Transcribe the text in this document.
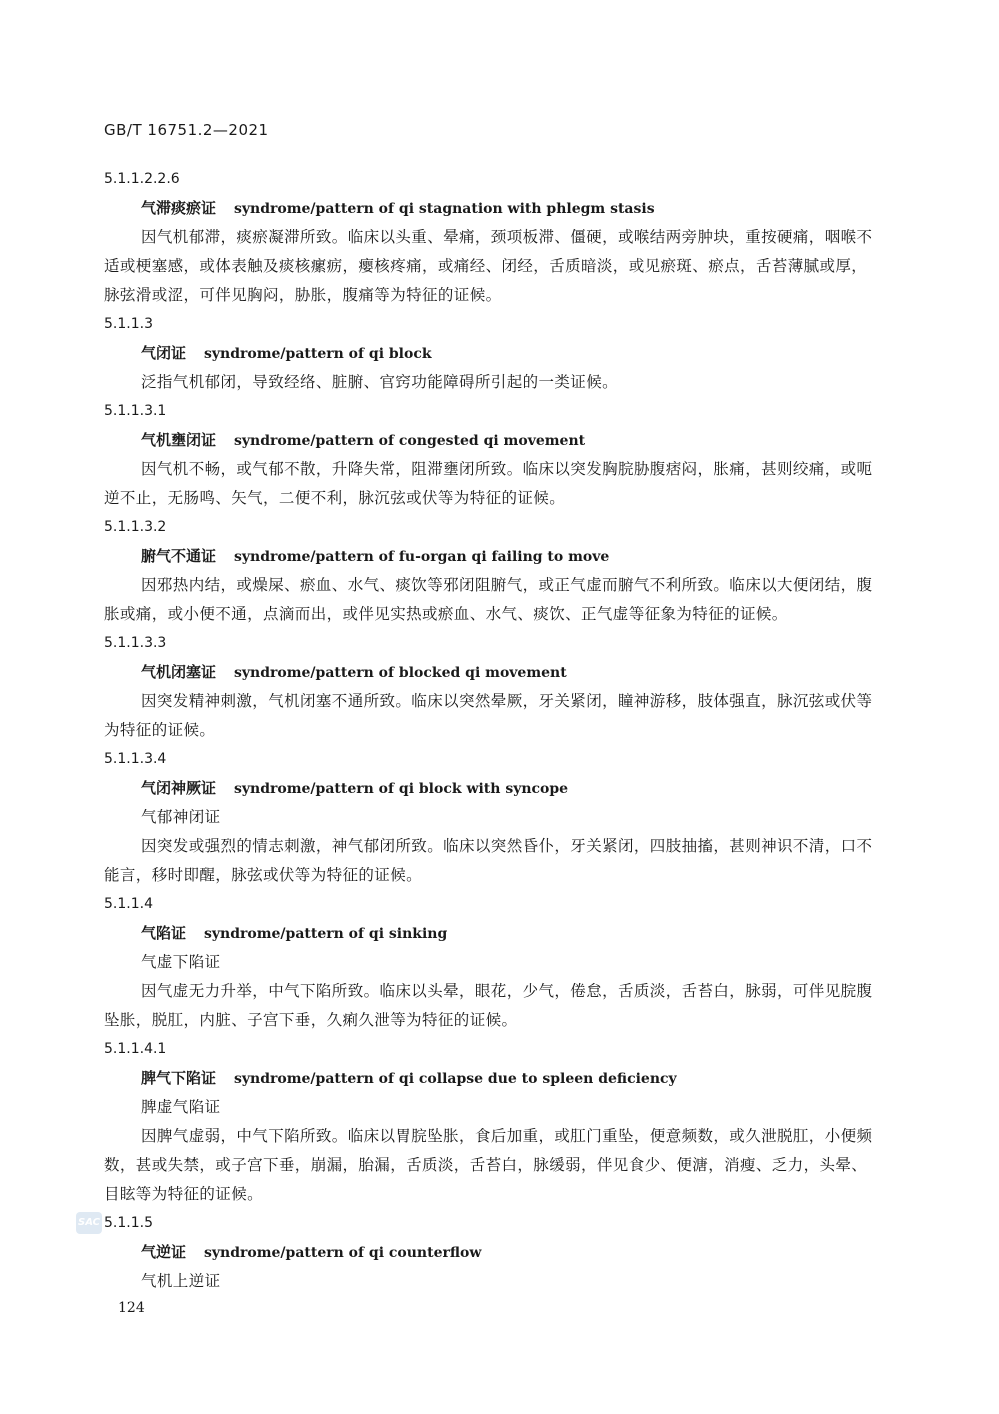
GB/T 16751.2—2021

5.1.1.2.2.6

气滞痰瘀证 syndrome/pattern of qi stagnation with phlegm stasis

因气机郁滞，痰瘀凝滞所致。临床以头重、晕痛，颈项板滞、僵硬，或喉结两旁肿块，重按硬痛，咽喉不适或梗塞感，或体表触及痰核瘰疬，瘿核疼痛，或痛经、闭经，舌质暗淡，或见瘀斑、瘀点，舌苔薄腻或厚，脉弦滑或涩，可伴见胸闷，胁胀，腹痛等为特征的证候。

5.1.1.3

气闭证 syndrome/pattern of qi block

泛指气机郁闭，导致经络、脏腑、官窍功能障碍所引起的一类证候。

5.1.1.3.1

气机壅闭证 syndrome/pattern of congested qi movement

因气机不畅，或气郁不散，升降失常，阻滞壅闭所致。临床以突发胸脘胁腹痞闷，胀痛，甚则绞痛，或呃逆不止，无肠鸣、矢气，二便不利，脉沉弦或伏等为特征的证候。

5.1.1.3.2

腑气不通证 syndrome/pattern of fu-organ qi failing to move

因邪热内结，或燥屎、瘀血、水气、痰饮等邪闭阻腑气，或正气虚而腑气不利所致。临床以大便闭结，腹胀或痛，或小便不通，点滴而出，或伴见实热或瘀血、水气、痰饮、正气虚等征象为特征的证候。

5.1.1.3.3

气机闭塞证 syndrome/pattern of blocked qi movement

因突发精神刺激，气机闭塞不通所致。临床以突然晕厥，牙关紧闭，瞳神游移，肢体强直，脉沉弦或伏等为特征的证候。

5.1.1.3.4

气闭神厥证 syndrome/pattern of qi block with syncope

气郁神闭证

因突发或强烈的情志刺激，神气郁闭所致。临床以突然昏仆，牙关紧闭，四肢抽搐，甚则神识不清，口不能言，移时即醒，脉弦或伏等为特征的证候。

5.1.1.4

气陷证 syndrome/pattern of qi sinking

气虚下陷证

因气虚无力升举，中气下陷所致。临床以头晕，眼花，少气，倦怠，舌质淡，舌苔白，脉弱，可伴见脘腹坠胀，脱肛，内脏、子宫下垂，久痢久泄等为特征的证候。

5.1.1.4.1

脾气下陷证 syndrome/pattern of qi collapse due to spleen deficiency

脾虚气陷证

因脾气虚弱，中气下陷所致。临床以胃脘坠胀，食后加重，或肛门重坠，便意频数，或久泄脱肛，小便频数，甚或失禁，或子宫下垂，崩漏，胎漏，舌质淡，舌苔白，脉缓弱，伴见食少、便溏，消瘦、乏力，头晕、目眩等为特征的证候。

5.1.1.5

气逆证 syndrome/pattern of qi counterflow

气机上逆证

SAC
124
